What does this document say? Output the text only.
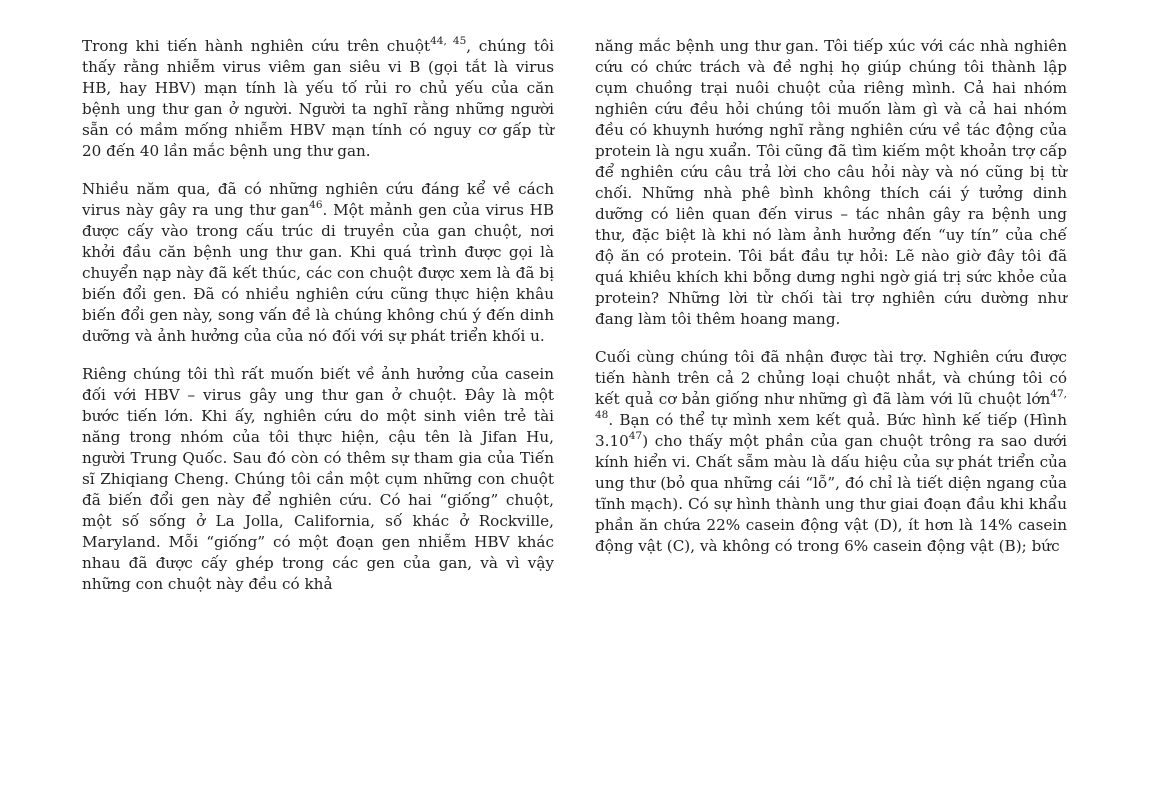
Trong khi tiến hành nghiên cứu trên chuột$^{44, 45}$, chúng tôi thấy rằng nhiễm virus viêm gan siêu vi B (gọi tắt là virus HB, hay HBV) mạn tính là yếu tố rủi ro chủ yếu của căn bệnh ung thư gan ở người. Người ta nghĩ rằng những người sẵn có mầm mống nhiễm HBV mạn tính có nguy cơ gấp từ 20 đến 40 lần mắc bệnh ung thư gan.

Nhiều năm qua, đã có những nghiên cứu đáng kể về cách virus này gây ra ung thư gan$^{46}$. Một mảnh gen của virus HB được cấy vào trong cấu trúc di truyền của gan chuột, nơi khởi đầu căn bệnh ung thư gan. Khi quá trình được gọi là chuyển nạp này đã kết thúc, các con chuột được xem là đã bị biến đổi gen. Đã có nhiều nghiên cứu cũng thực hiện khâu biến đổi gen này, song vấn đề là chúng không chú ý đến dinh dưỡng và ảnh hưởng của của nó đối với sự phát triển khối u.

Riêng chúng tôi thì rất muốn biết về ảnh hưởng của casein đối với HBV – virus gây ung thư gan ở chuột. Đây là một bước tiến lớn. Khi ấy, nghiên cứu do một sinh viên trẻ tài năng trong nhóm của tôi thực hiện, cậu tên là Jifan Hu, người Trung Quốc. Sau đó còn có thêm sự tham gia của Tiến sĩ Zhiqiang Cheng. Chúng tôi cần một cụm những con chuột đã biến đổi gen này để nghiên cứu. Có hai “giống” chuột, một số sống ở La Jolla, California, số khác ở Rockville, Maryland. Mỗi “giống” có một đoạn gen nhiễm HBV khác nhau đã được cấy ghép trong các gen của gan, và vì vậy những con chuột này đều có khả

năng mắc bệnh ung thư gan. Tôi tiếp xúc với các nhà nghiên cứu có chức trách và đề nghị họ giúp chúng tôi thành lập cụm chuồng trại nuôi chuột của riêng mình. Cả hai nhóm nghiên cứu đều hỏi chúng tôi muốn làm gì và cả hai nhóm đều có khuynh hướng nghĩ rằng nghiên cứu về tác động của protein là ngu xuẩn. Tôi cũng đã tìm kiếm một khoản trợ cấp để nghiên cứu câu trả lời cho câu hỏi này và nó cũng bị từ chối. Những nhà phê bình không thích cái ý tưởng dinh dưỡng có liên quan đến virus – tác nhân gây ra bệnh ung thư, đặc biệt là khi nó làm ảnh hưởng đến “uy tín” của chế độ ăn có protein. Tôi bắt đầu tự hỏi: Lẽ nào giờ đây tôi đã quá khiêu khích khi bỗng dưng nghi ngờ giá trị sức khỏe của protein? Những lời từ chối tài trợ nghiên cứu dường như đang làm tôi thêm hoang mang.

Cuối cùng chúng tôi đã nhận được tài trợ. Nghiên cứu được tiến hành trên cả 2 chủng loại chuột nhắt, và chúng tôi có kết quả cơ bản giống như những gì đã làm với lũ chuột lớn$^{47, 48}$. Bạn có thể tự mình xem kết quả. Bức hình kế tiếp (Hình 3.10$^{47}$) cho thấy một phần của gan chuột trông ra sao dưới kính hiển vi. Chất sẫm màu là dấu hiệu của sự phát triển của ung thư (bỏ qua những cái “lỗ”, đó chỉ là tiết diện ngang của tĩnh mạch). Có sự hình thành ung thư giai đoạn đầu khi khẩu phần ăn chứa 22% casein động vật (D), ít hơn là 14% casein động vật (C), và không có trong 6% casein động vật (B); bức
